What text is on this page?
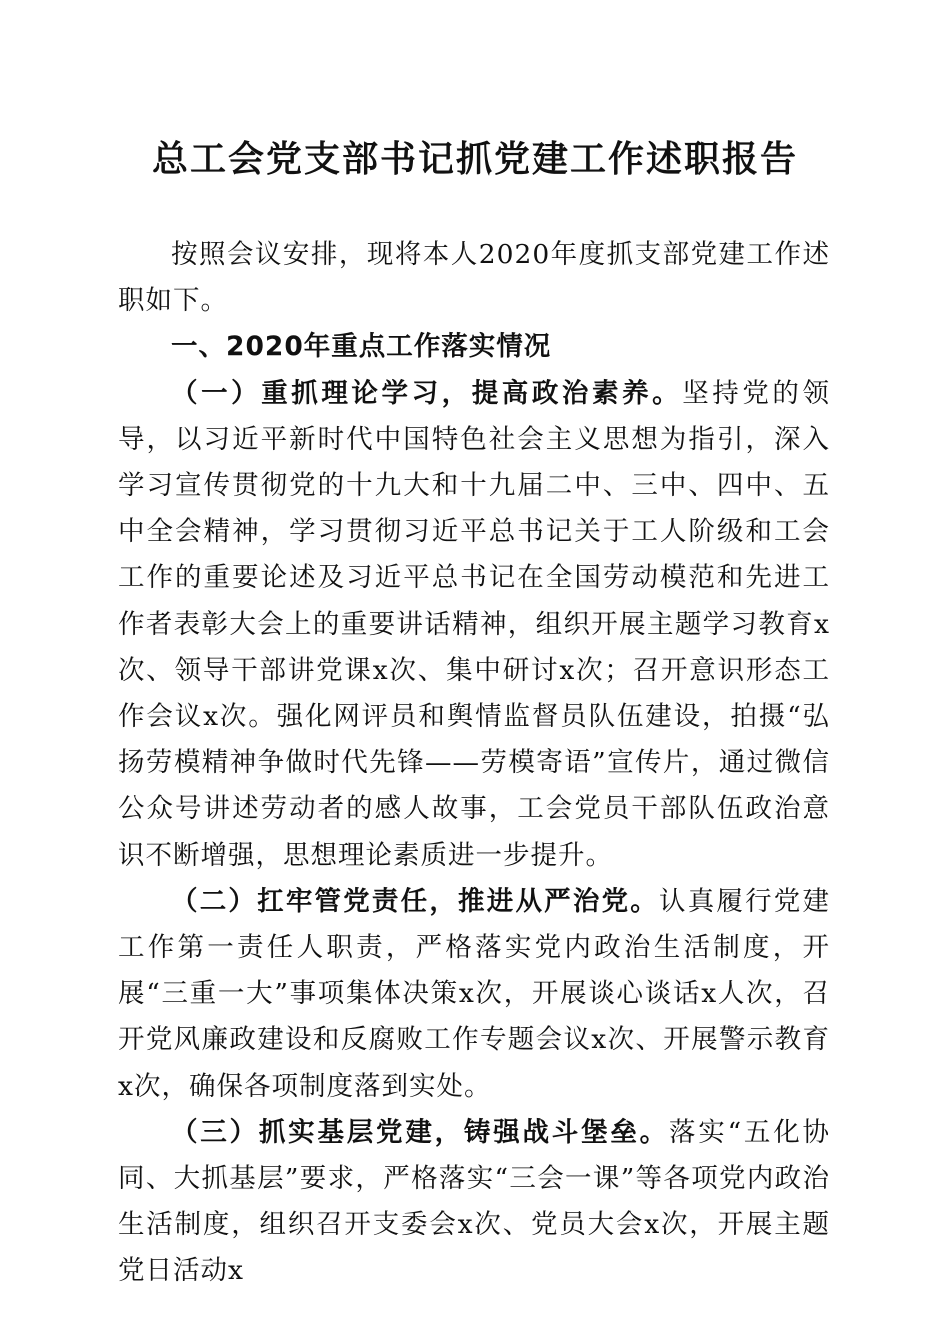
总工会党支部书记抓党建工作述职报告

按照会议安排，现将本人2020年度抓支部党建工作述职如下。

一、2020年重点工作落实情况

（一）重抓理论学习，提高政治素养。坚持党的领导，以习近平新时代中国特色社会主义思想为指引，深入学习宣传贯彻党的十九大和十九届二中、三中、四中、五中全会精神，学习贯彻习近平总书记关于工人阶级和工会工作的重要论述及习近平总书记在全国劳动模范和先进工作者表彰大会上的重要讲话精神，组织开展主题学习教育x次、领导干部讲党课x次、集中研讨x次；召开意识形态工作会议x次。强化网评员和舆情监督员队伍建设，拍摄“弘扬劳模精神争做时代先锋——劳模寄语”宣传片，通过微信公众号讲述劳动者的感人故事，工会党员干部队伍政治意识不断增强，思想理论素质进一步提升。

（二）扛牢管党责任，推进从严治党。认真履行党建工作第一责任人职责，严格落实党内政治生活制度，开展“三重一大”事项集体决策x次，开展谈心谈话x人次，召开党风廉政建设和反腐败工作专题会议x次、开展警示教育x次，确保各项制度落到实处。

（三）抓实基层党建，铸强战斗堡垒。落实“五化协同、大抓基层”要求，严格落实“三会一课”等各项党内政治生活制度，组织召开支委会x次、党员大会x次，开展主题党日活动x
